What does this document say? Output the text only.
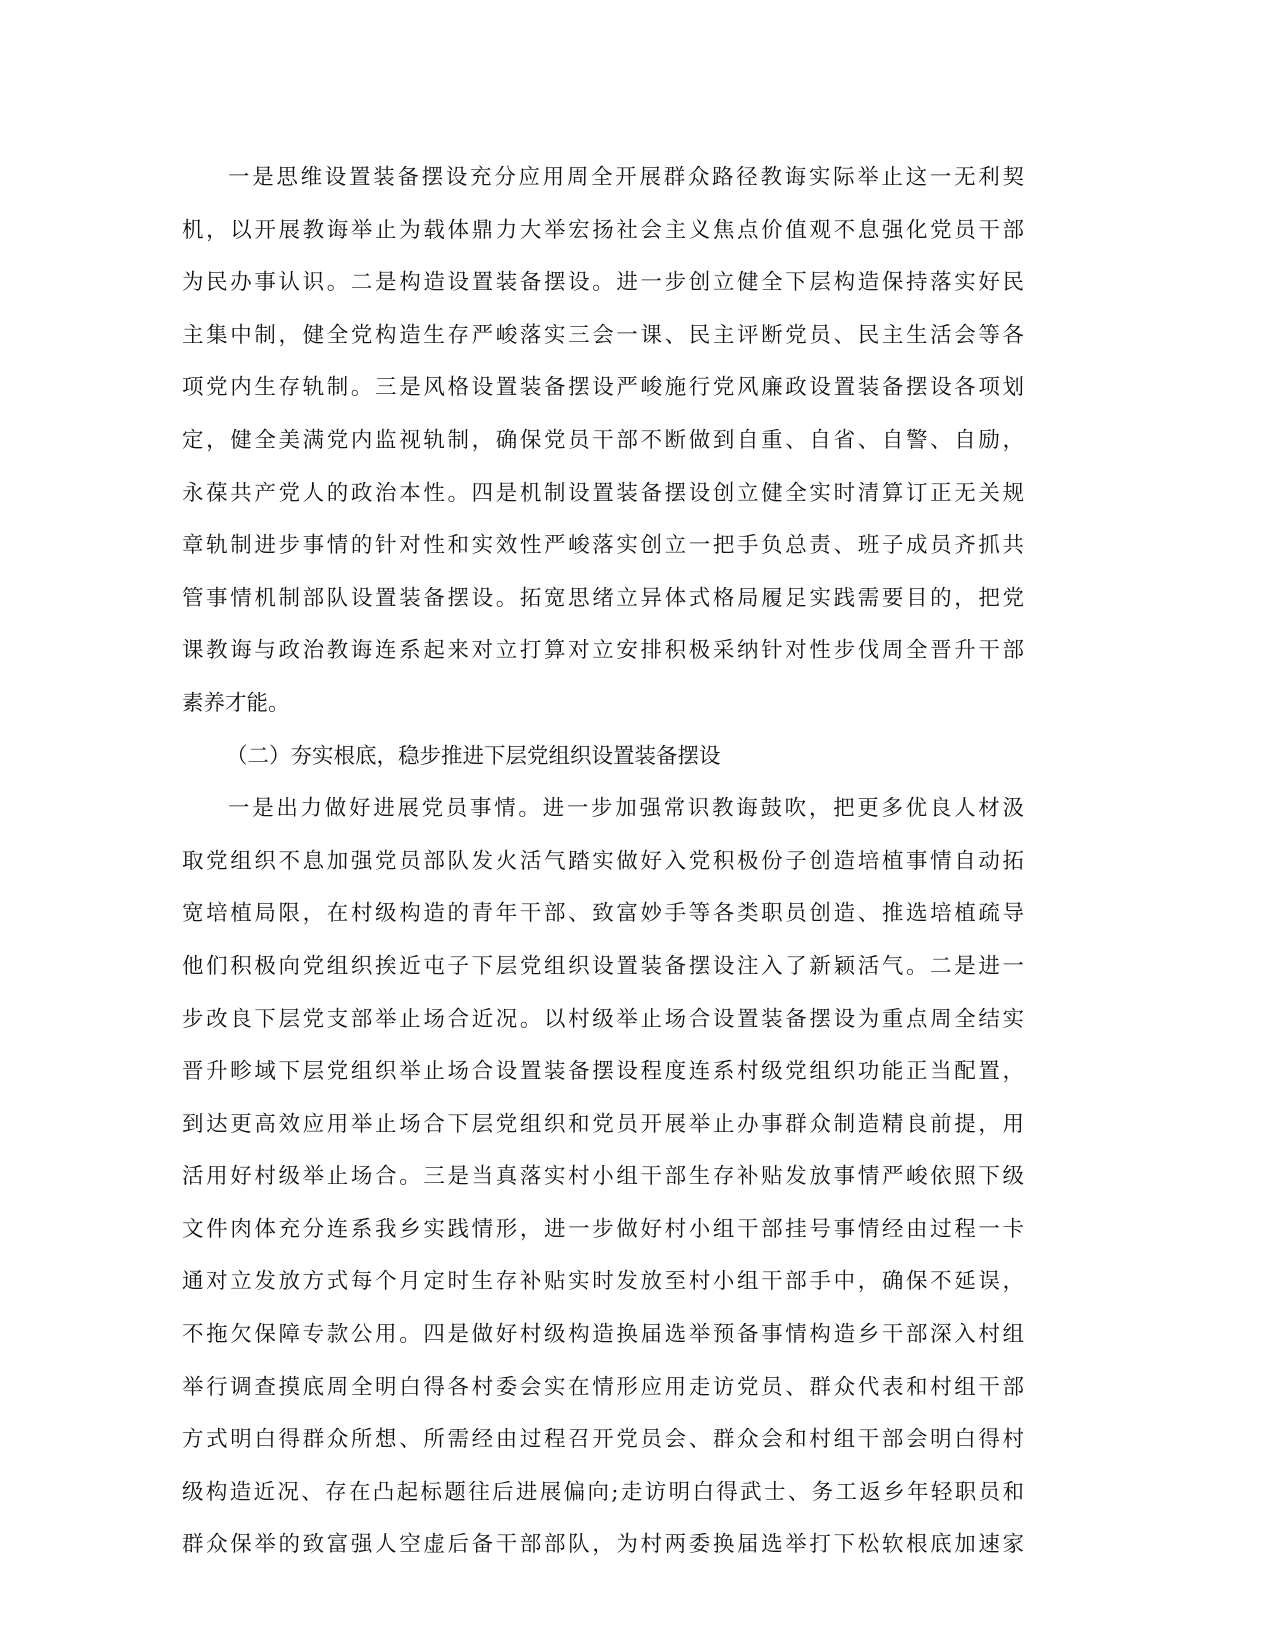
一是思维设置装备摆设充分应用周全开展群众路径教诲实际举止这一无利契
机，以开展教诲举止为载体鼎力大举宏扬社会主义焦点价值观不息强化党员干部
为民办事认识。二是构造设置装备摆设。进一步创立健全下层构造保持落实好民
主集中制，健全党构造生存严峻落实三会一课、民主评断党员、民主生活会等各
项党内生存轨制。三是风格设置装备摆设严峻施行党风廉政设置装备摆设各项划
定，健全美满党内监视轨制，确保党员干部不断做到自重、自省、自警、自励，
永葆共产党人的政治本性。四是机制设置装备摆设创立健全实时清算订正无关规
章轨制进步事情的针对性和实效性严峻落实创立一把手负总责、班子成员齐抓共
管事情机制部队设置装备摆设。拓宽思绪立异体式格局履足实践需要目的，把党
课教诲与政治教诲连系起来对立打算对立安排积极采纳针对性步伐周全晋升干部
素养才能。
（二）夯实根底，稳步推进下层党组织设置装备摆设
一是出力做好进展党员事情。进一步加强常识教诲鼓吹，把更多优良人材汲
取党组织不息加强党员部队发火活气踏实做好入党积极份子创造培植事情自动拓
宽培植局限，在村级构造的青年干部、致富妙手等各类职员创造、推选培植疏导
他们积极向党组织挨近屯子下层党组织设置装备摆设注入了新颖活气。二是进一
步改良下层党支部举止场合近况。以村级举止场合设置装备摆设为重点周全结实
晋升畛域下层党组织举止场合设置装备摆设程度连系村级党组织功能正当配置，
到达更高效应用举止场合下层党组织和党员开展举止办事群众制造精良前提，用
活用好村级举止场合。三是当真落实村小组干部生存补贴发放事情严峻依照下级
文件肉体充分连系我乡实践情形，进一步做好村小组干部挂号事情经由过程一卡
通对立发放方式每个月定时生存补贴实时发放至村小组干部手中，确保不延误，
不拖欠保障专款公用。四是做好村级构造换届选举预备事情构造乡干部深入村组
举行调查摸底周全明白得各村委会实在情形应用走访党员、群众代表和村组干部
方式明白得群众所想、所需经由过程召开党员会、群众会和村组干部会明白得村
级构造近况、存在凸起标题往后进展偏向;走访明白得武士、务工返乡年轻职员和
群众保举的致富强人空虚后备干部部队，为村两委换届选举打下松软根底加速家
